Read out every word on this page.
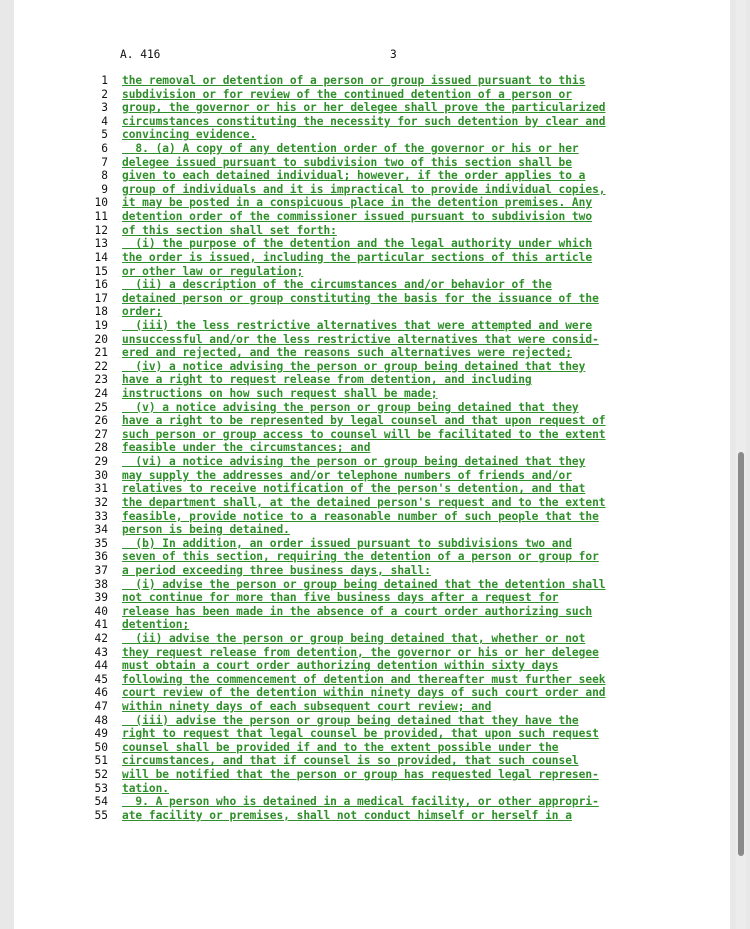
A. 416	3
1 the removal or detention of a person or group issued pursuant to this
2 subdivision or for review of the continued detention of a person or
3 group, the governor or his or her delegee shall prove the particularized
4 circumstances constituting the necessity for such detention by clear and
5 convincing evidence.
6 8. (a) A copy of any detention order of the governor or his or her
7 delegee issued pursuant to subdivision two of this section shall be
8 given to each detained individual; however, if the order applies to a
9 group of individuals and it is impractical to provide individual copies,
10 it may be posted in a conspicuous place in the detention premises. Any
11 detention order of the commissioner issued pursuant to subdivision two
12 of this section shall set forth:
13 (i) the purpose of the detention and the legal authority under which
14 the order is issued, including the particular sections of this article
15 or other law or regulation;
16 (ii) a description of the circumstances and/or behavior of the
17 detained person or group constituting the basis for the issuance of the
18 order;
19 (iii) the less restrictive alternatives that were attempted and were
20 unsuccessful and/or the less restrictive alternatives that were consid-
21 ered and rejected, and the reasons such alternatives were rejected;
22 (iv) a notice advising the person or group being detained that they
23 have a right to request release from detention, and including
24 instructions on how such request shall be made;
25 (v) a notice advising the person or group being detained that they
26 have a right to be represented by legal counsel and that upon request of
27 such person or group access to counsel will be facilitated to the extent
28 feasible under the circumstances; and
29 (vi) a notice advising the person or group being detained that they
30 may supply the addresses and/or telephone numbers of friends and/or
31 relatives to receive notification of the person's detention, and that
32 the department shall, at the detained person's request and to the extent
33 feasible, provide notice to a reasonable number of such people that the
34 person is being detained.
35 (b) In addition, an order issued pursuant to subdivisions two and
36 seven of this section, requiring the detention of a person or group for
37 a period exceeding three business days, shall:
38 (i) advise the person or group being detained that the detention shall
39 not continue for more than five business days after a request for
40 release has been made in the absence of a court order authorizing such
41 detention;
42 (ii) advise the person or group being detained that, whether or not
43 they request release from detention, the governor or his or her delegee
44 must obtain a court order authorizing detention within sixty days
45 following the commencement of detention and thereafter must further seek
46 court review of the detention within ninety days of such court order and
47 within ninety days of each subsequent court review; and
48 (iii) advise the person or group being detained that they have the
49 right to request that legal counsel be provided, that upon such request
50 counsel shall be provided if and to the extent possible under the
51 circumstances, and that if counsel is so provided, that such counsel
52 will be notified that the person or group has requested legal represen-
53 tation.
54 9. A person who is detained in a medical facility, or other appropri-
55 ate facility or premises, shall not conduct himself or herself in a
